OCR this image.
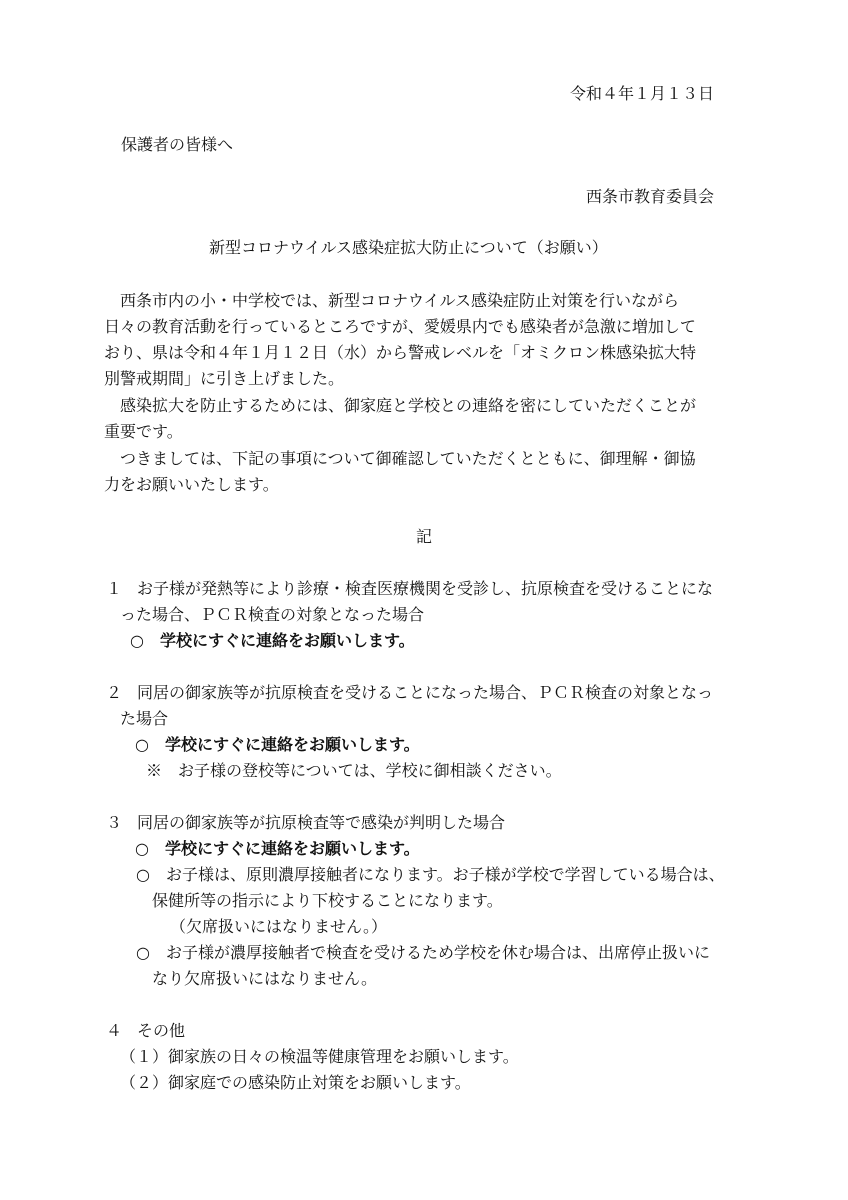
令和４年１月１３日
保護者の皆様へ
西条市教育委員会
新型コロナウイルス感染症拡大防止について（お願い）
西条市内の小・中学校では、新型コロナウイルス感染症防止対策を行いながら
日々の教育活動を行っているところですが、愛媛県内でも感染者が急激に増加して
おり、県は令和４年１月１２日（水）から警戒レベルを「オミクロン株感染拡大特
別警戒期間」に引き上げました。
感染拡大を防止するためには、御家庭と学校との連絡を密にしていただくことが
重要です。
つきましては、下記の事項について御確認していただくとともに、御理解・御協
力をお願いいたします。
記
１ お子様が発熱等により診療・検査医療機関を受診し、抗原検査を受けることにな
った場合、ＰＣＲ検査の対象となった場合
○　学校にすぐに連絡をお願いします。
２ 同居の御家族等が抗原検査を受けることになった場合、ＰＣＲ検査の対象となっ
た場合
○　学校にすぐに連絡をお願いします。
※　お子様の登校等については、学校に御相談ください。
３ 同居の御家族等が抗原検査等で感染が判明した場合
○　学校にすぐに連絡をお願いします。
○　お子様は、原則濃厚接触者になります。お子様が学校で学習している場合は、
保健所等の指示により下校することになります。
（欠席扱いにはなりません。）
○　お子様が濃厚接触者で検査を受けるため学校を休む場合は、出席停止扱いに
なり欠席扱いにはなりません。
４ その他
（１）御家族の日々の検温等健康管理をお願いします。
（２）御家庭での感染防止対策をお願いします。
